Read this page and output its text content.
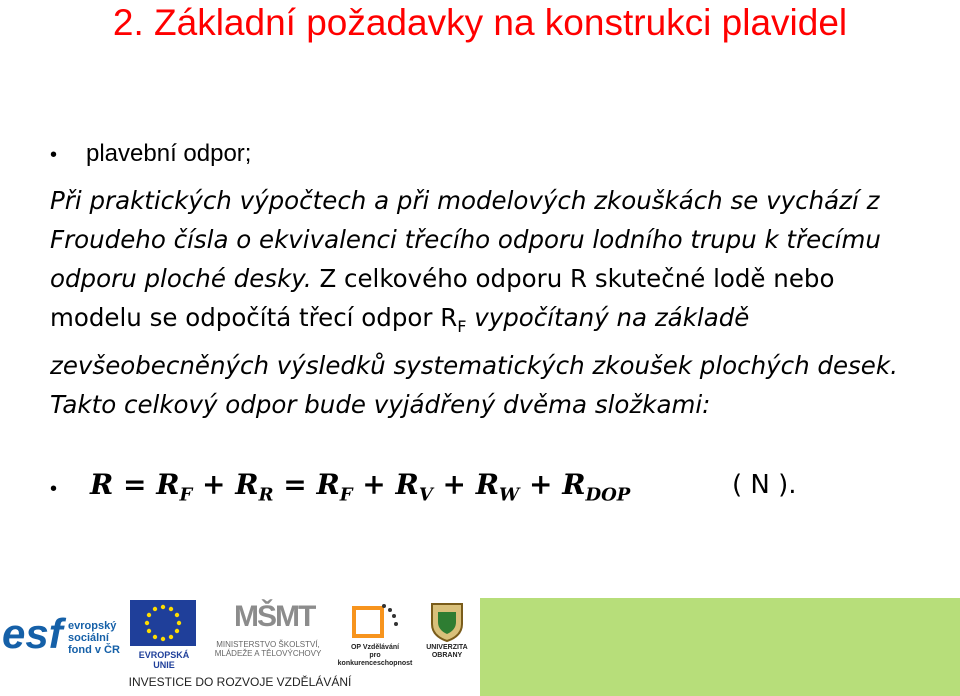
2. Základní požadavky na konstrukci plavidel
• plavební odpor;
Při praktických výpočtech a při modelových zkouškách se vychází z Froudeho čísla o ekvivalenci třecího odporu lodního trupu k třecímu odporu ploché desky. Z celkového odporu R skutečné lodě nebo modelu se odpočítá třecí odpor $R_F$ vypočítaný na základě zevšeobecněných výsledků systematických zkoušek plochých desek. Takto celkový odpor bude vyjádřený dvěma složkami:
• $R = R_F + R_R = R_F + R_V + R_W + R_{DOP}$	( N ).
esf evropský
sociální
fond v ČR	EVROPSKÁ UNIE
MŠMT
MINISTERSTVO ŠKOLSTVÍ,
MLÁDEŽE A TĚLOVÝCHOVY
OP Vzdělávání
pro konkurenceschopnost
UNIVERZITA
OBRANY
INVESTICE DO ROZVOJE VZDĚLÁVÁNÍ
